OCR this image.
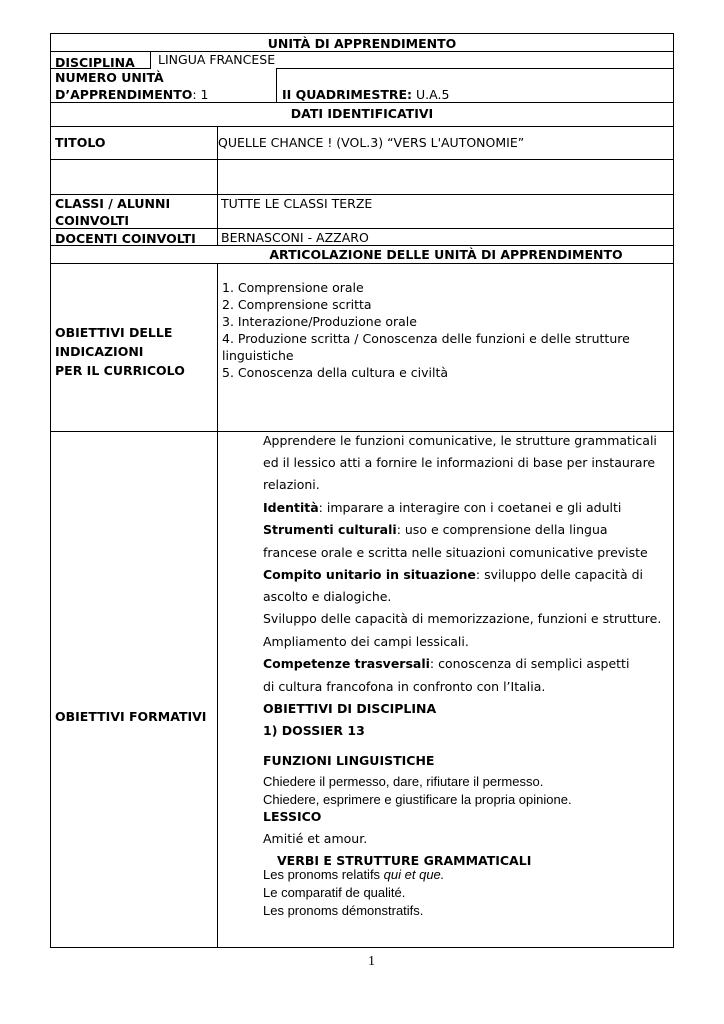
UNITÀ DI APPRENDIMENTO
DISCIPLINA LINGUA FRANCESE
NUMERO UNITÀ
D’APPRENDIMENTO: 1	II QUADRIMESTRE: U.A.5
DATI IDENTIFICATIVI
TITOLO	QUELLE CHANCE ! (VOL.3) “VERS L'AUTONOMIE”
CLASSI / ALUNNI
COINVOLTI
TUTTE LE CLASSI TERZE
DOCENTI COINVOLTI BERNASCONI - AZZARO
ARTICOLAZIONE DELLE UNITÀ DI APPRENDIMENTO
OBIETTIVI DELLE
INDICAZIONI
PER IL CURRICOLO
1. Comprensione orale
2. Comprensione scritta
3. Interazione/Produzione orale
4. Produzione scritta / Conoscenza delle funzioni e delle strutture
linguistiche
5. Conoscenza della cultura e civiltà
OBIETTIVI FORMATIVI
Apprendere le funzioni comunicative, le strutture grammaticali
ed il lessico atti a fornire le informazioni di base per instaurare
relazioni.
Identità: imparare a interagire con i coetanei e gli adulti
Strumenti culturali: uso e comprensione della lingua
francese orale e scritta nelle situazioni comunicative previste
Compito unitario in situazione: sviluppo delle capacità di
ascolto e dialogiche.
Sviluppo delle capacità di memorizzazione, funzioni e strutture.
Ampliamento dei campi lessicali.
Competenze trasversali: conoscenza di semplici aspetti
di cultura francofona in confronto con l’Italia.
OBIETTIVI DI DISCIPLINA
1) DOSSIER 13
FUNZIONI LINGUISTICHE
Chiedere il permesso, dare, rifiutare il permesso.
Chiedere, esprimere e giustificare la propria opinione.
LESSICO
Amitié et amour.
VERBI E STRUTTURE GRAMMATICALI
Les pronoms relatifs qui et que.
Le comparatif de qualité.
Les pronoms démonstratifs.
1
